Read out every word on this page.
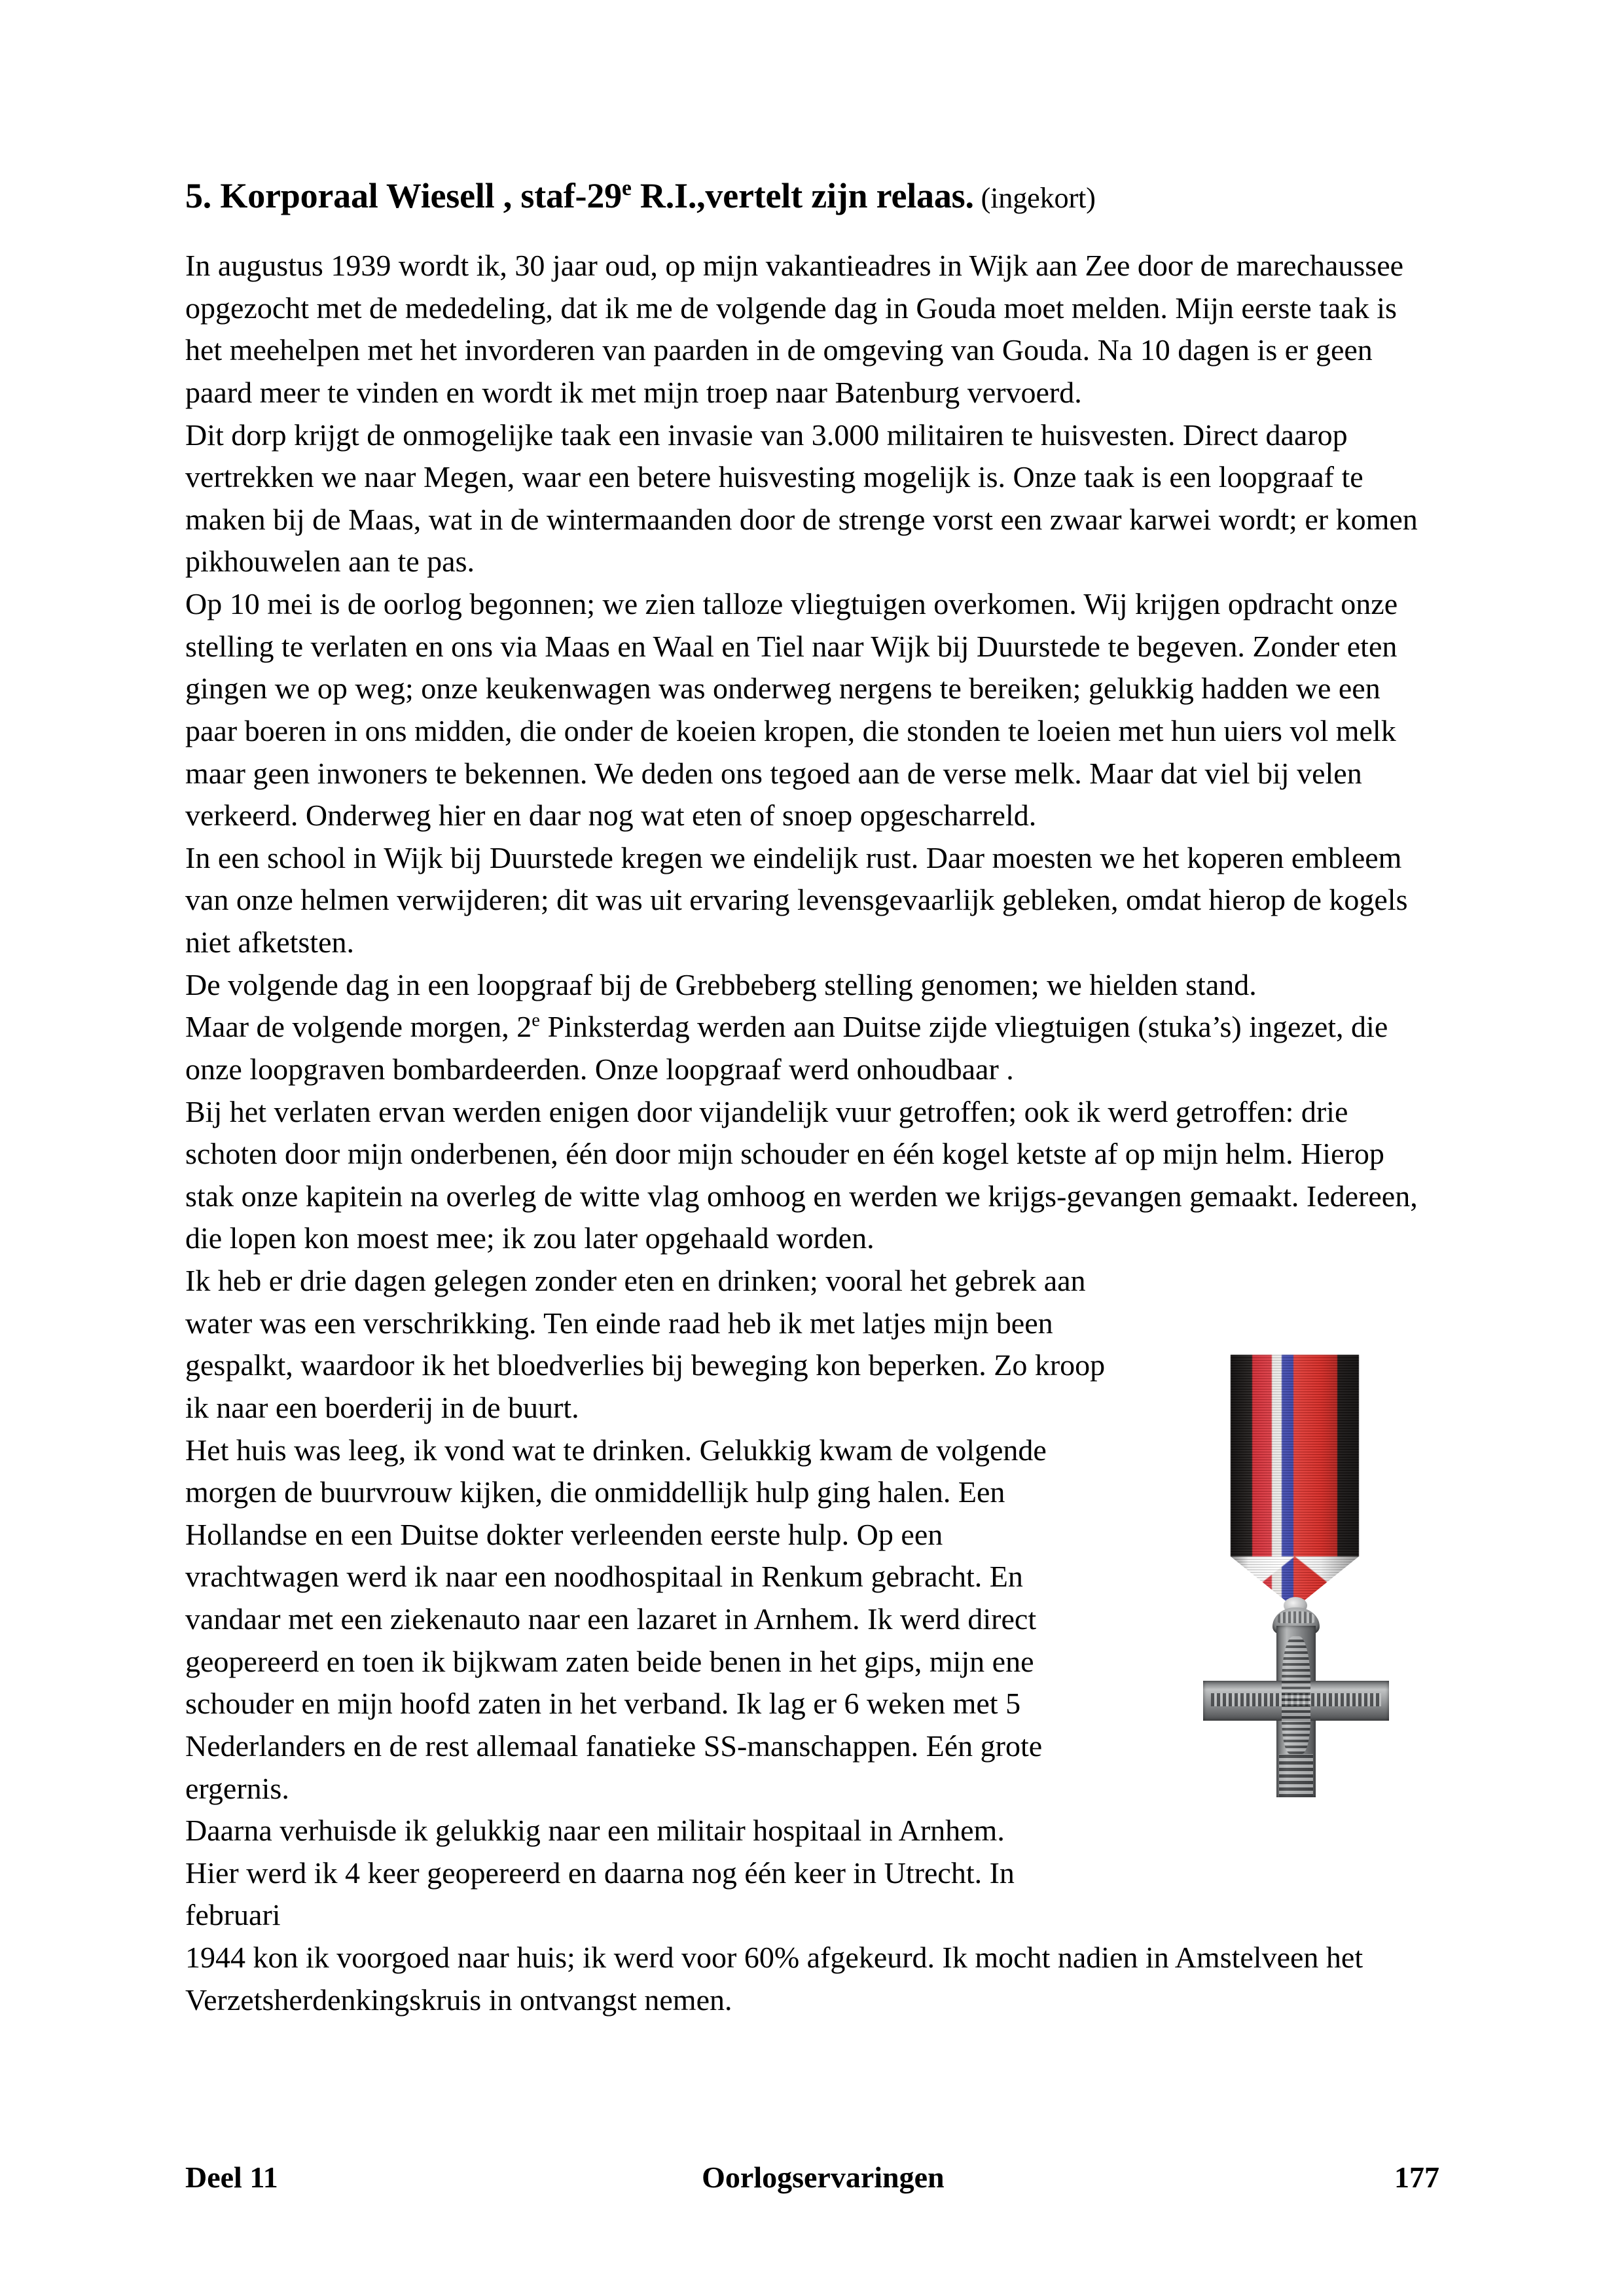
5. Korporaal Wiesell , staf-29e R.I.,vertelt zijn relaas. (ingekort)

In augustus 1939 wordt ik, 30 jaar oud, op mijn vakantieadres in Wijk aan Zee door de marechaussee opgezocht met de mededeling, dat ik me de volgende dag in Gouda moet melden. Mijn eerste taak is het meehelpen met het invorderen van paarden in de omgeving van Gouda. Na 10 dagen is er geen paard meer te vinden en wordt ik met mijn troep naar Batenburg vervoerd.

Dit dorp krijgt de onmogelijke taak een invasie van 3.000 militairen te huisvesten. Direct daarop vertrekken we naar Megen, waar een betere huisvesting mogelijk is. Onze taak is een loopgraaf te maken bij de Maas, wat in de wintermaanden door de strenge vorst een zwaar karwei wordt; er komen pikhouwelen aan te pas.

Op 10 mei is de oorlog begonnen; we zien talloze vliegtuigen overkomen. Wij krijgen opdracht onze stelling te verlaten en ons via Maas en Waal en Tiel naar Wijk bij Duurstede te begeven. Zonder eten gingen we op weg; onze keukenwagen was onderweg nergens te bereiken; gelukkig hadden we een paar boeren in ons midden, die onder de koeien kropen, die stonden te loeien met hun uiers vol melk maar geen inwoners te bekennen. We deden ons tegoed aan de verse melk. Maar dat viel bij velen verkeerd. Onderweg hier en daar nog wat eten of snoep opgescharreld.

In een school in Wijk bij Duurstede kregen we eindelijk rust. Daar moesten we het koperen embleem van onze helmen verwijderen; dit was uit ervaring levensgevaarlijk gebleken, omdat hierop de kogels niet afketsten.

De volgende dag in een loopgraaf bij de Grebbeberg stelling genomen; we hielden stand.

Maar de volgende morgen, 2e Pinksterdag werden aan Duitse zijde vliegtuigen (stuka’s) ingezet, die onze loopgraven bombardeerden. Onze loopgraaf werd onhoudbaar .

Bij het verlaten ervan werden enigen door vijandelijk vuur getroffen; ook ik werd getroffen: drie schoten door mijn onderbenen, één door mijn schouder en één kogel ketste af op mijn helm. Hierop stak onze kapitein na overleg de witte vlag omhoog en werden we krijgs-gevangen gemaakt. Iedereen, die lopen kon moest mee; ik zou later opgehaald worden.

Ik heb er drie dagen gelegen zonder eten en drinken; vooral het gebrek aan water was een verschrikking. Ten einde raad heb ik met latjes mijn been gespalkt, waardoor ik het bloedverlies bij beweging kon beperken. Zo kroop ik naar een boerderij in de buurt.

Het huis was leeg, ik vond wat te drinken. Gelukkig kwam de volgende morgen de buurvrouw kijken, die onmiddellijk hulp ging halen. Een Hollandse en een Duitse dokter verleenden eerste hulp. Op een vrachtwagen werd ik naar een noodhospitaal in Renkum gebracht. En vandaar met een ziekenauto naar een lazaret in Arnhem. Ik werd direct geopereerd en toen ik bijkwam zaten beide benen in het gips, mijn ene schouder en mijn hoofd zaten in het verband. Ik lag er 6 weken met 5 Nederlanders en de rest allemaal fanatieke SS-manschappen. Eén grote ergernis.

Daarna verhuisde ik gelukkig naar een militair hospitaal in Arnhem. Hier werd ik 4 keer geopereerd en daarna nog één keer in Utrecht. In februari

1944 kon ik voorgoed naar huis; ik werd voor 60% afgekeurd. Ik mocht nadien in Amstelveen het Verzetsherdenkingskruis in ontvangst nemen.

Deel 11	Oorlogservaringen	177
